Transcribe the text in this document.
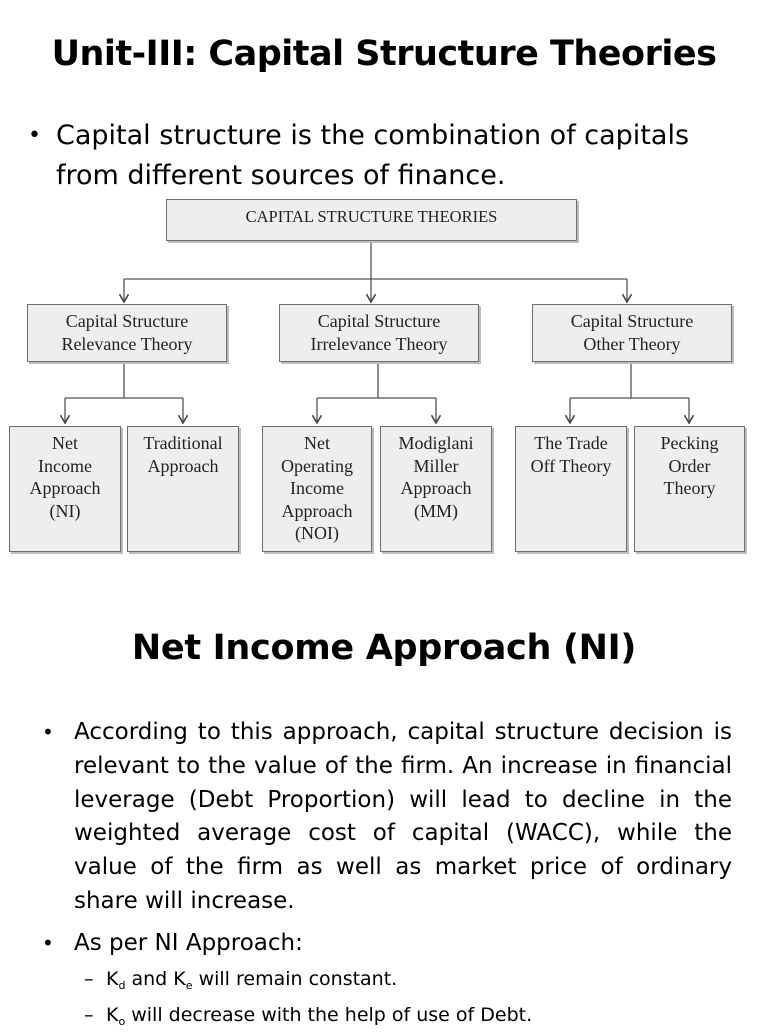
Unit-III: Capital Structure Theories
• Capital structure is the combination of capitals from different sources of finance.
CAPITAL STRUCTURE THEORIES
Capital Structure
Relevance Theory
Capital Structure
Irrelevance Theory
Capital Structure
Other Theory
Net
Income
Approach
(NI)
Traditional
Approach
Net
Operating
Income
Approach
(NOI)
Modiglani
Miller
Approach
(MM)
The Trade
Off Theory
Pecking
Order
Theory
Net Income Approach (NI)
• According to this approach, capital structure decision is relevant to the value of the firm. An increase in financial leverage (Debt Proportion) will lead to decline in the weighted average cost of capital (WACC), while the value of the firm as well as market price of ordinary share will increase.
• As per NI Approach:
– $K_d$ and $K_e$ will remain constant.
– $K_o$ will decrease with the help of use of Debt.
